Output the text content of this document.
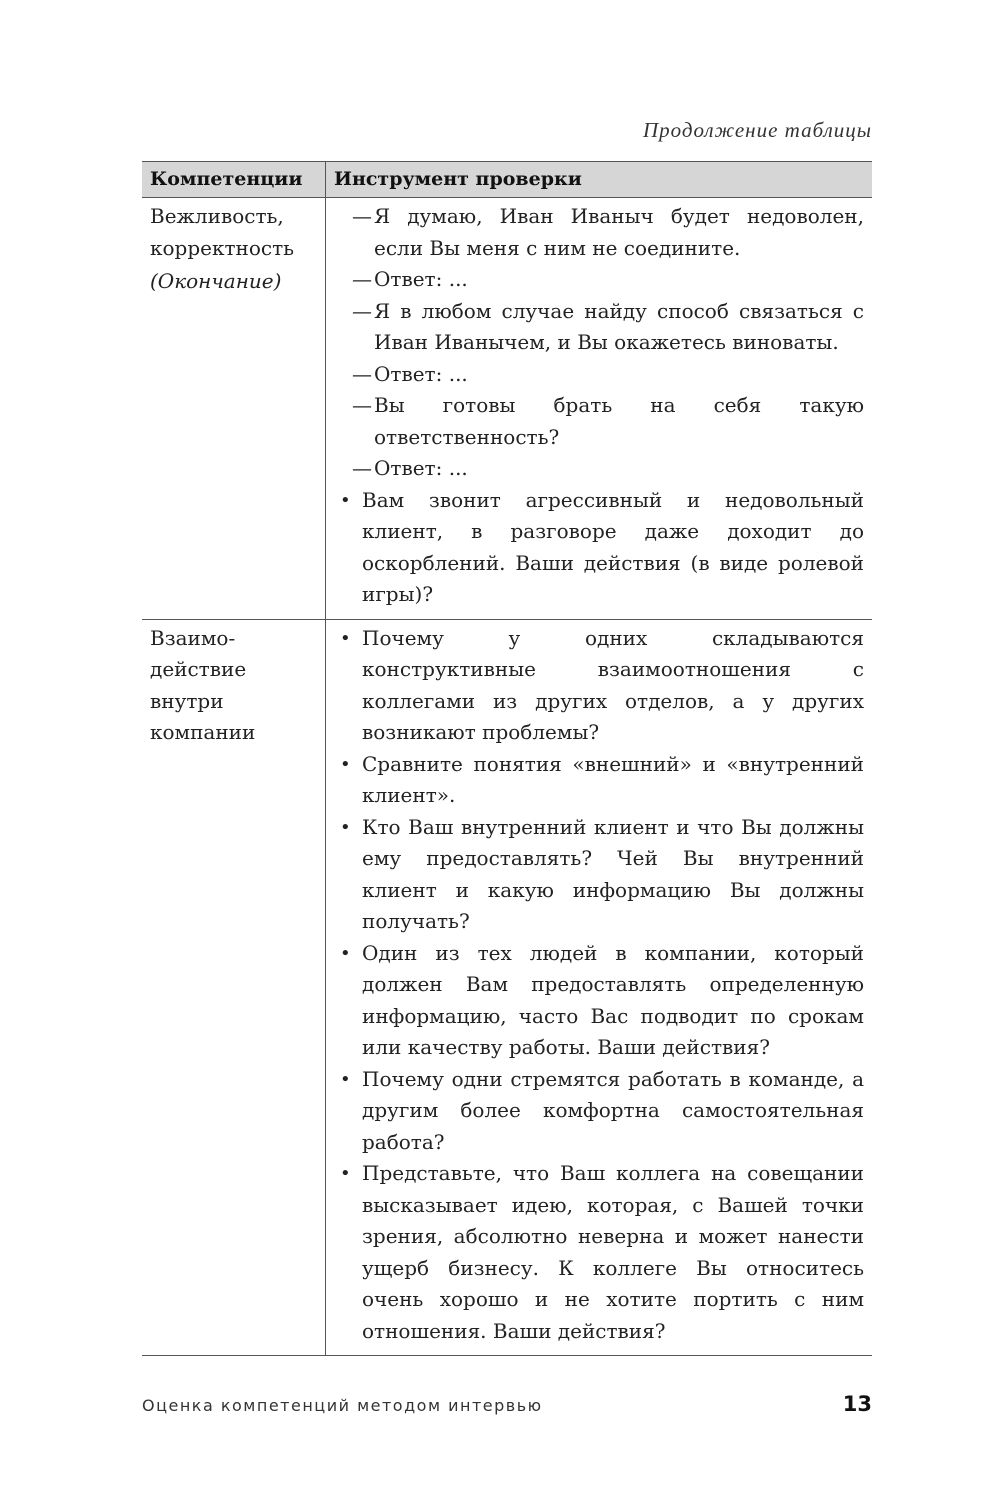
Продолжение таблицы
Компетенции	Инструмент проверки
Вежливость,
корректность
(Окончание)
— Я думаю, Иван Иваныч будет недоволен, если Вы меня с ним не соедините.
— Ответ: ...
— Я в любом случае найду способ связаться с Иван Иванычем, и Вы окажетесь виноваты.
— Ответ: ...
— Вы готовы брать на себя такую ответственность?
— Ответ: ...
• Вам звонит агрессивный и недовольный клиент, в разговоре даже доходит до оскорблений. Ваши действия (в виде ролевой игры)?
Взаимо-
действие
внутри
компании
• Почему у одних складываются конструктивные взаимоотношения с коллегами из других отделов, а у других возникают проблемы?
• Сравните понятия «внешний» и «внутренний клиент».
• Кто Ваш внутренний клиент и что Вы должны ему предоставлять? Чей Вы внутренний клиент и какую информацию Вы должны получать?
• Один из тех людей в компании, который должен Вам предоставлять определенную информацию, часто Вас подводит по срокам или качеству работы. Ваши действия?
• Почему одни стремятся работать в команде, а другим более комфортна самостоятельная работа?
• Представьте, что Ваш коллега на совещании высказывает идею, которая, с Вашей точки зрения, абсолютно неверна и может нанести ущерб бизнесу. К коллеге Вы относитесь очень хорошо и не хотите портить с ним отношения. Ваши действия?
Оценка компетенций методом интервью	13
